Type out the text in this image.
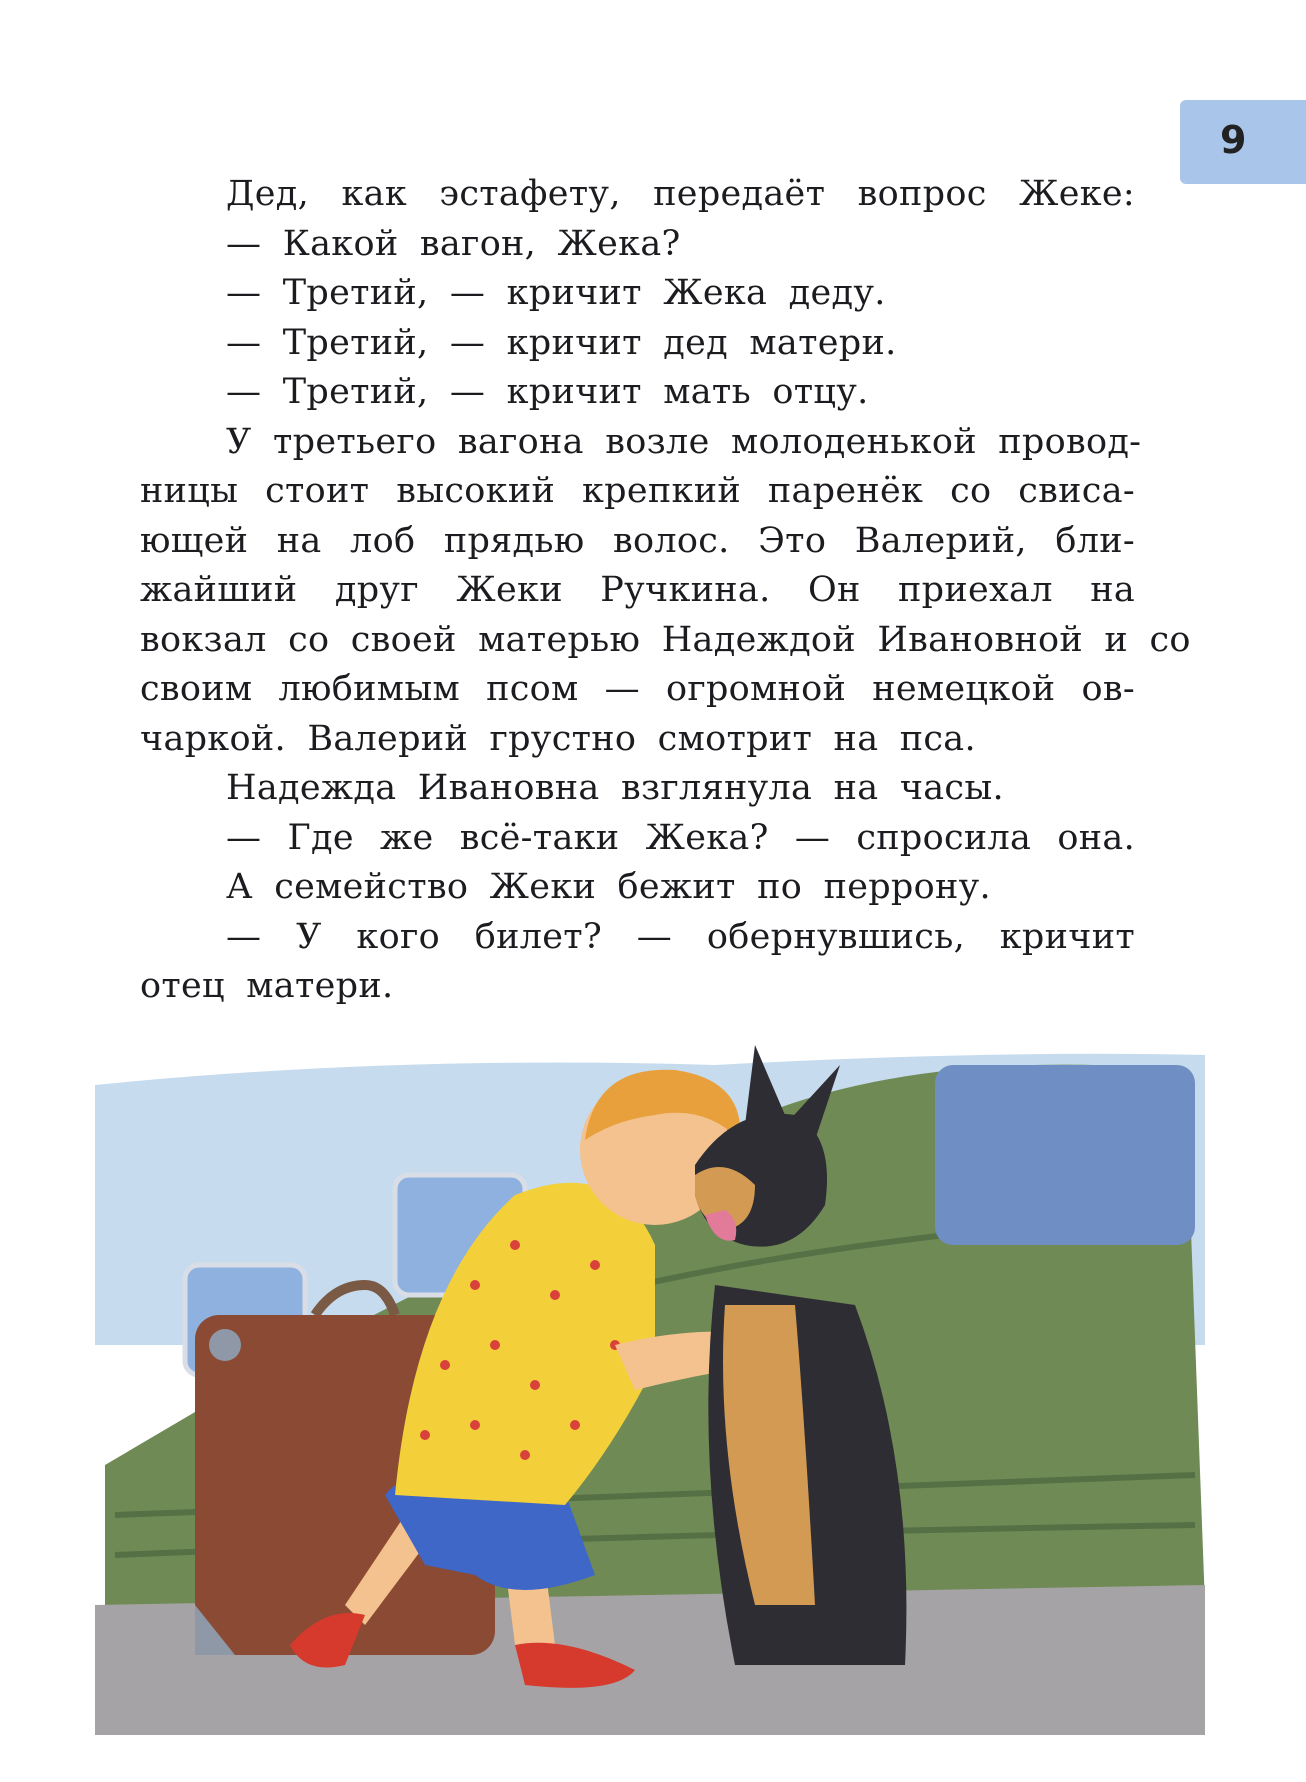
9
Дед, как эстафету, передаёт вопрос Жеке:
— Какой вагон, Жека?
— Третий, — кричит Жека деду.
— Третий, — кричит дед матери.
— Третий, — кричит мать отцу.
У третьего вагона возле молоденькой провод-
ницы стоит высокий крепкий паренёк со свиса-
ющей на лоб прядью волос. Это Валерий, бли-
жайший друг Жеки Ручкина. Он приехал на
вокзал со своей матерью Надеждой Ивановной и со
своим любимым псом — огромной немецкой ов-
чаркой. Валерий грустно смотрит на пса.
Надежда Ивановна взглянула на часы.
— Где же всё-таки Жека? — спросила она.
А семейство Жеки бежит по перрону.
— У кого билет? — обернувшись, кричит
отец матери.
